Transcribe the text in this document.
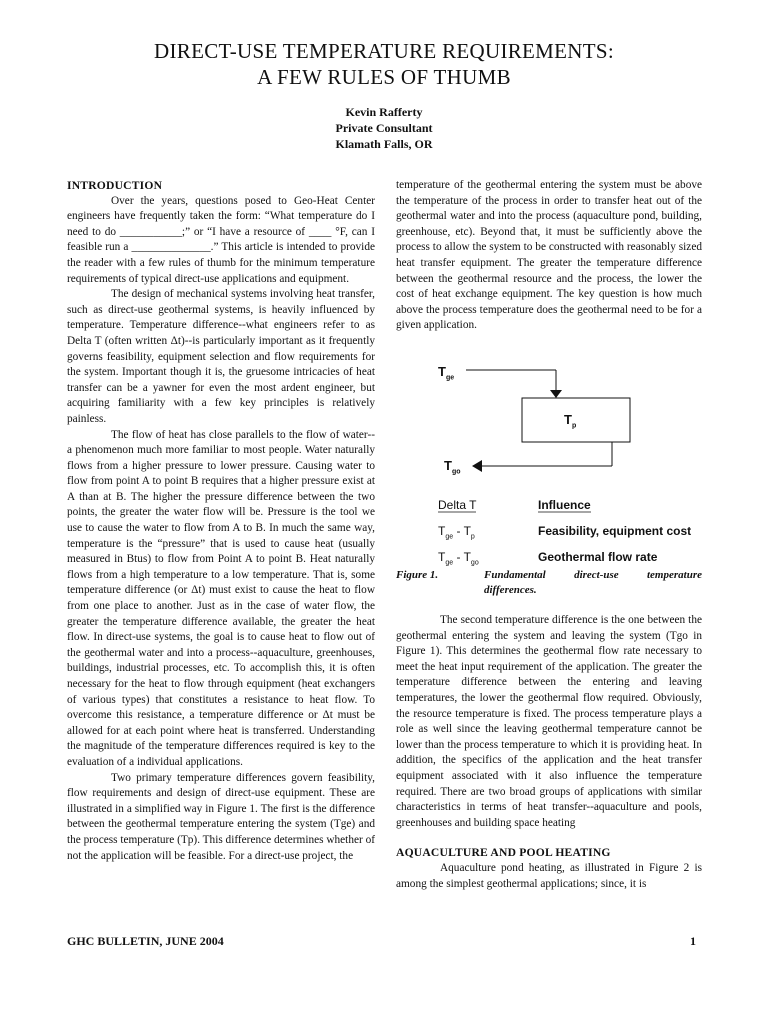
DIRECT-USE TEMPERATURE REQUIREMENTS:
A FEW RULES OF THUMB
Kevin Rafferty
Private Consultant
Klamath Falls, OR
INTRODUCTION

Over the years, questions posed to Geo-Heat Center engineers have frequently taken the form: “What temperature do I need to do ___________;” or “I have a resource of ____ °F, can I feasible run a ______________.” This article is intended to provide the reader with a few rules of thumb for the minimum temperature requirements of typical direct-use applications and equipment.

The design of mechanical systems involving heat transfer, such as direct-use geothermal systems, is heavily influenced by temperature. Temperature difference--what engineers refer to as Delta T (often written Δt)--is particularly important as it frequently governs feasibility, equipment selection and flow requirements for the system. Important though it is, the gruesome intricacies of heat transfer can be a yawner for even the most ardent engineer, but acquiring familiarity with a few key principles is relatively painless.

The flow of heat has close parallels to the flow of water-- a phenomenon much more familiar to most people. Water naturally flows from a higher pressure to lower pressure. Causing water to flow from point A to point B requires that a higher pressure exist at A than at B. The higher the pressure difference between the two points, the greater the water flow will be. Pressure is the tool we use to cause the water to flow from A to B. In much the same way, temperature is the “pressure” that is used to cause heat (usually measured in Btus) to flow from Point A to point B. Heat naturally flows from a high temperature to a low temperature. That is, some temperature difference (or Δt) must exist to cause the heat to flow from one place to another. Just as in the case of water flow, the greater the temperature difference available, the greater the heat flow. In direct-use systems, the goal is to cause heat to flow out of the geothermal water and into a process--aquaculture, greenhouses, buildings, industrial processes, etc. To accomplish this, it is often necessary for the heat to flow through equipment (heat exchangers of various types) that constitutes a resistance to heat flow. To overcome this resistance, a temperature difference or Δt must be allowed for at each point where heat is transferred. Understanding the magnitude of the temperature differences required is key to the evaluation of a individual applications.

Two primary temperature differences govern feasibility, flow requirements and design of direct-use equipment. These are illustrated in a simplified way in Figure 1. The first is the difference between the geothermal temperature entering the system (Tge) and the process temperature (Tp). This difference determines whether of not the application will be feasible. For a direct-use project, the

temperature of the geothermal entering the system must be above the temperature of the process in order to transfer heat out of the geothermal water and into the process (aquaculture pond, building, greenhouse, etc). Beyond that, it must be sufficiently above the process to allow the system to be constructed with reasonably sized heat transfer equipment. The greater the temperature difference between the geothermal resource and the process, the lower the cost of heat exchange equipment. The key question is how much above the process temperature does the geothermal need to be for a given application.

$T_{ge}$
$T_p$
$T_{go}$
Delta T	Influence
$T_{ge} - T_p$	Feasibility, equipment cost
$T_{ge} - T_{go}$	Geothermal flow rate
Figure 1.	Fundamental direct-use temperature
differences.

The second temperature difference is the one between the geothermal entering the system and leaving the system (Tgo in Figure 1). This determines the geothermal flow rate necessary to meet the heat input requirement of the application. The greater the temperature difference between the entering and leaving temperatures, the lower the geothermal flow required. Obviously, the resource temperature is fixed. The process temperature plays a role as well since the leaving geothermal temperature cannot be lower than the process temperature to which it is providing heat. In addition, the specifics of the application and the heat transfer equipment associated with it also influence the temperature required. There are two broad groups of applications with similar characteristics in terms of heat transfer--aquaculture and pools, greenhouses and building space heating

AQUACULTURE AND POOL HEATING

Aquaculture pond heating, as illustrated in Figure 2 is among the simplest geothermal applications; since, it is

GHC BULLETIN, JUNE 2004	1
